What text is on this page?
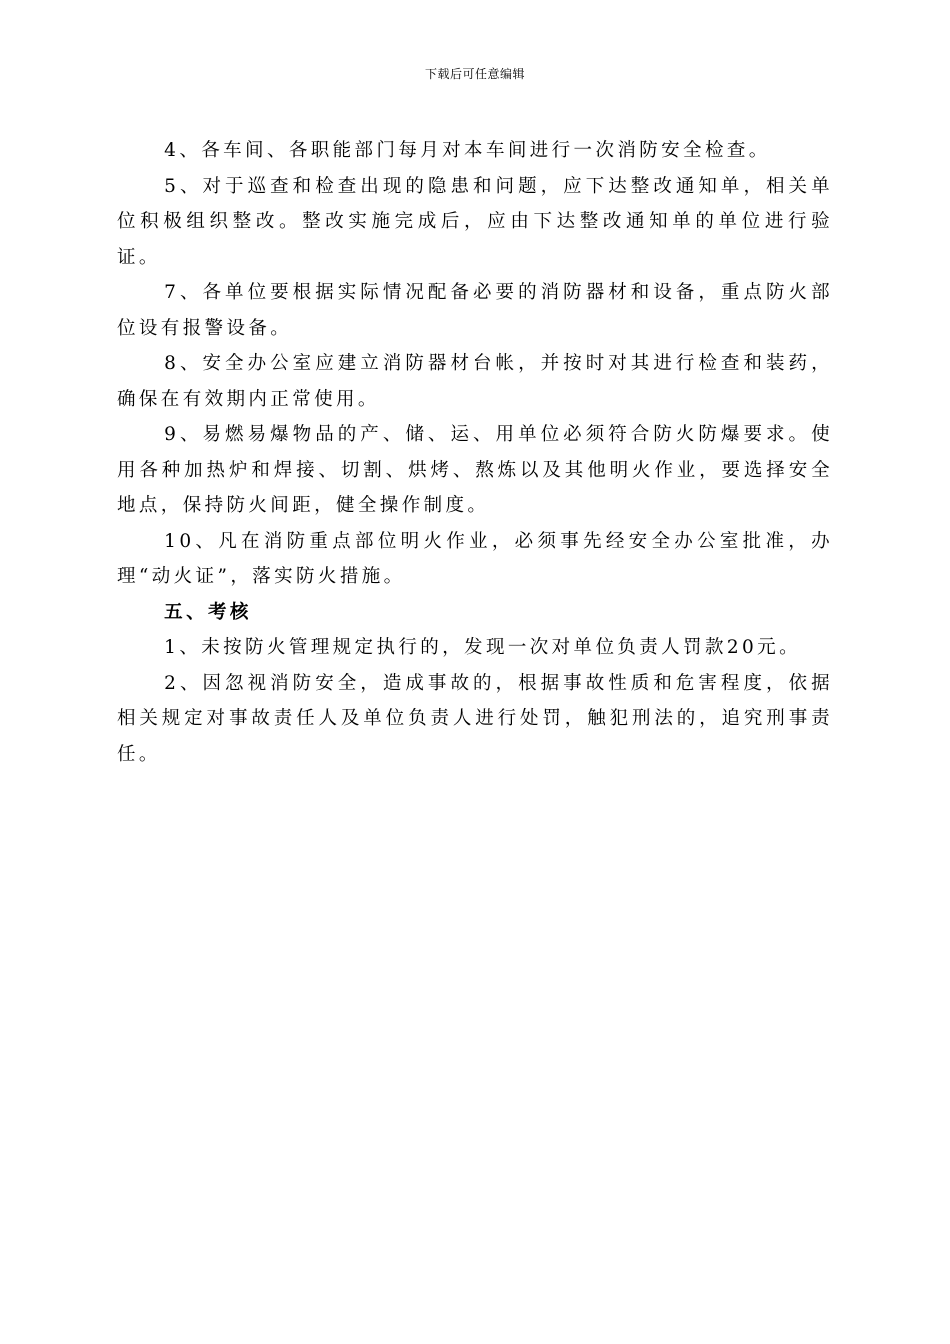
下载后可任意编辑

4、各车间、各职能部门每月对本车间进行一次消防安全检查。

5、对于巡查和检查出现的隐患和问题，应下达整改通知单，相关单位积极组织整改。整改实施完成后，应由下达整改通知单的单位进行验证。

7、各单位要根据实际情况配备必要的消防器材和设备，重点防火部位设有报警设备。

8、安全办公室应建立消防器材台帐，并按时对其进行检查和装药，确保在有效期内正常使用。

9、易燃易爆物品的产、储、运、用单位必须符合防火防爆要求。使用各种加热炉和焊接、切割、烘烤、熬炼以及其他明火作业，要选择安全地点，保持防火间距，健全操作制度。

10、凡在消防重点部位明火作业，必须事先经安全办公室批准，办理“动火证”，落实防火措施。

五、考核

1、未按防火管理规定执行的，发现一次对单位负责人罚款20元。

2、因忽视消防安全，造成事故的，根据事故性质和危害程度，依据相关规定对事故责任人及单位负责人进行处罚，触犯刑法的，追究刑事责任。
